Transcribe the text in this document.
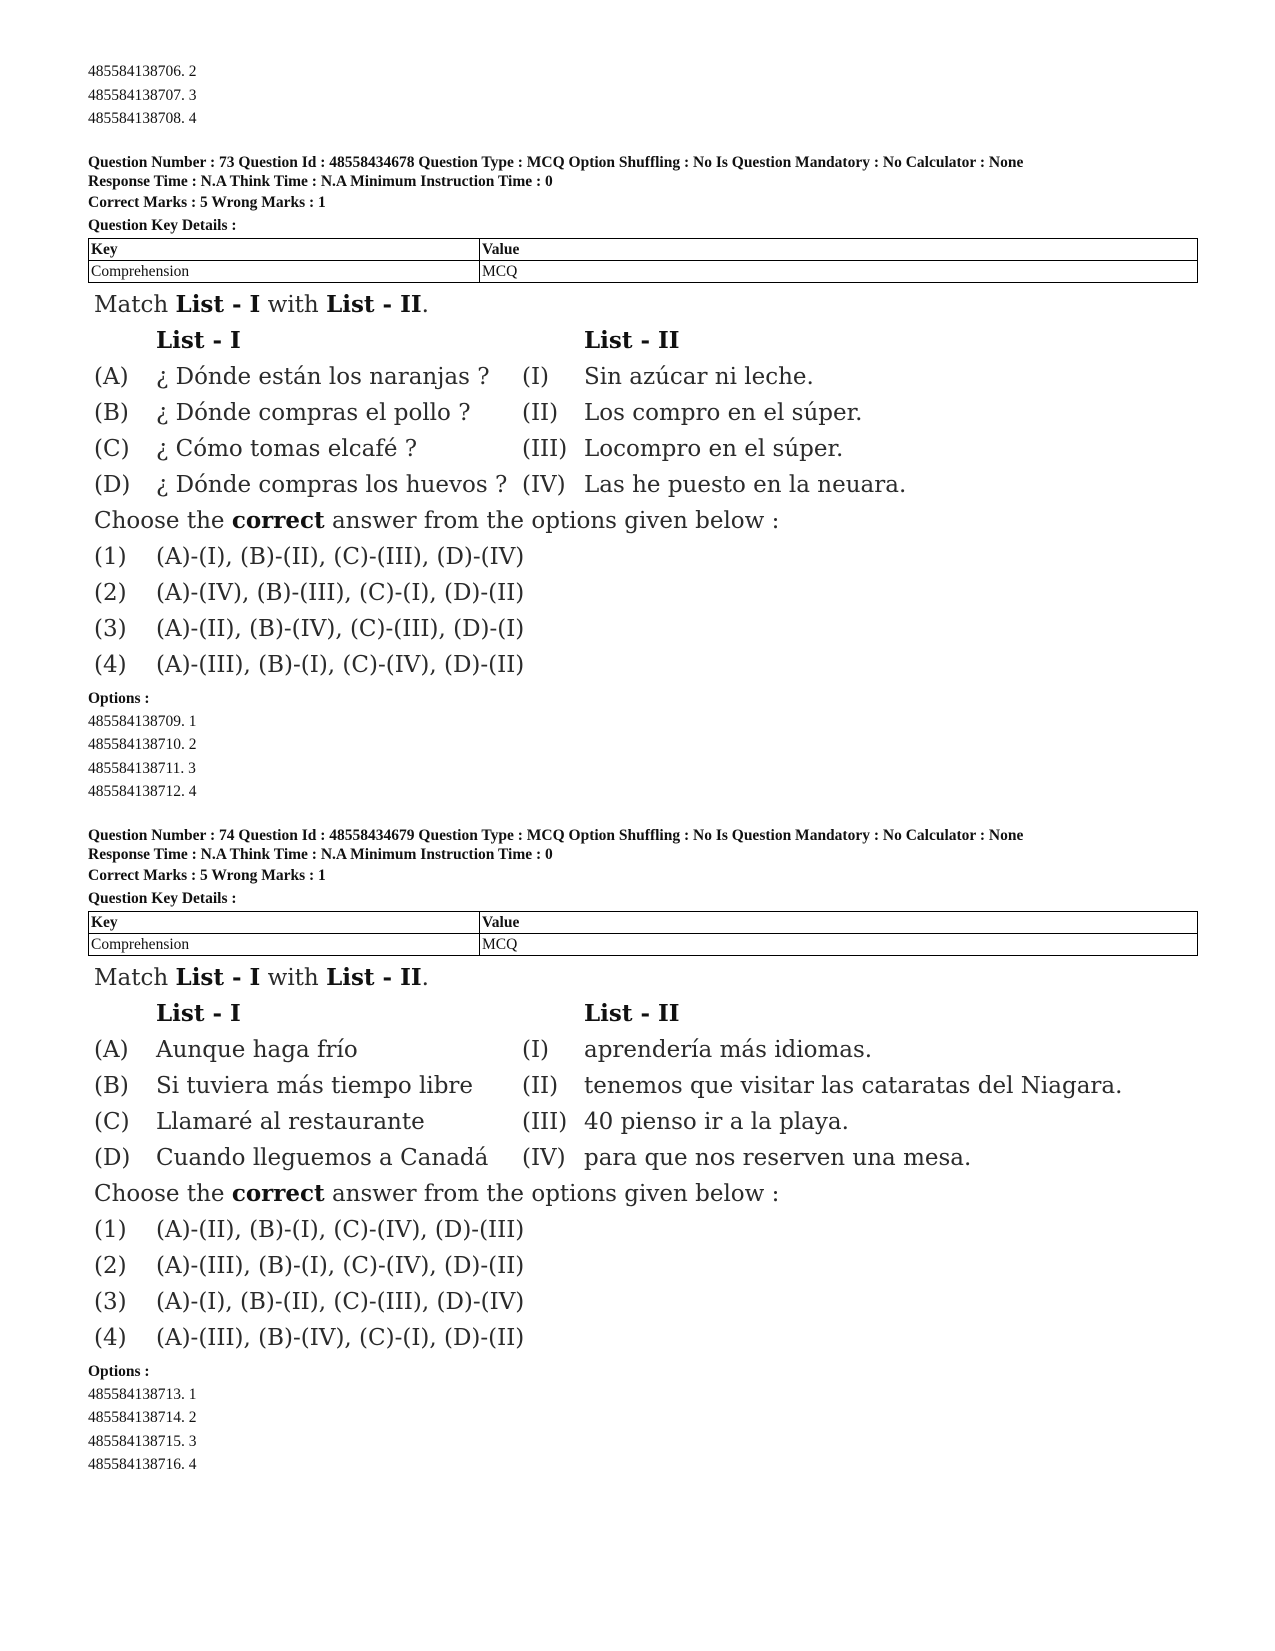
485584138706. 2
485584138707. 3
485584138708. 4
Question Number : 73 Question Id : 48558434678 Question Type : MCQ Option Shuffling : No Is Question Mandatory : No Calculator : None
Response Time : N.A Think Time : N.A Minimum Instruction Time : 0
Correct Marks : 5 Wrong Marks : 1
Question Key Details :
Key	Value
Comprehension	MCQ
Match List - I with List - II.
List - I	List - II
(A)	¿ Dónde están los naranjas ?	(I)	Sin azúcar ni leche.
(B)	¿ Dónde compras el pollo ?	(II)	Los compro en el súper.
(C)	¿ Cómo tomas elcafé ?	(III) Locompro en el súper.
(D)	¿ Dónde compras los huevos ? (IV) Las he puesto en la neuara.
Choose the correct answer from the options given below :
(1)	(A)-(I), (B)-(II), (C)-(III), (D)-(IV)
(2)	(A)-(IV), (B)-(III), (C)-(I), (D)-(II)
(3)	(A)-(II), (B)-(IV), (C)-(III), (D)-(I)
(4)	(A)-(III), (B)-(I), (C)-(IV), (D)-(II)
Options :
485584138709. 1
485584138710. 2
485584138711. 3
485584138712. 4
Question Number : 74 Question Id : 48558434679 Question Type : MCQ Option Shuffling : No Is Question Mandatory : No Calculator : None
Response Time : N.A Think Time : N.A Minimum Instruction Time : 0
Correct Marks : 5 Wrong Marks : 1
Question Key Details :
Key	Value
Comprehension	MCQ
Match List - I with List - II.
List - I	List - II
(A)	Aunque haga frío	(I)	aprendería más idiomas.
(B)	Si tuviera más tiempo libre	(II)	tenemos que visitar las cataratas del Niagara.
(C)	Llamaré al restaurante	(III) 40 pienso ir a la playa.
(D)	Cuando lleguemos a Canadá	(IV) para que nos reserven una mesa.
Choose the correct answer from the options given below :
(1)	(A)-(II), (B)-(I), (C)-(IV), (D)-(III)
(2)	(A)-(III), (B)-(I), (C)-(IV), (D)-(II)
(3)	(A)-(I), (B)-(II), (C)-(III), (D)-(IV)
(4)	(A)-(III), (B)-(IV), (C)-(I), (D)-(II)
Options :
485584138713. 1
485584138714. 2
485584138715. 3
485584138716. 4
